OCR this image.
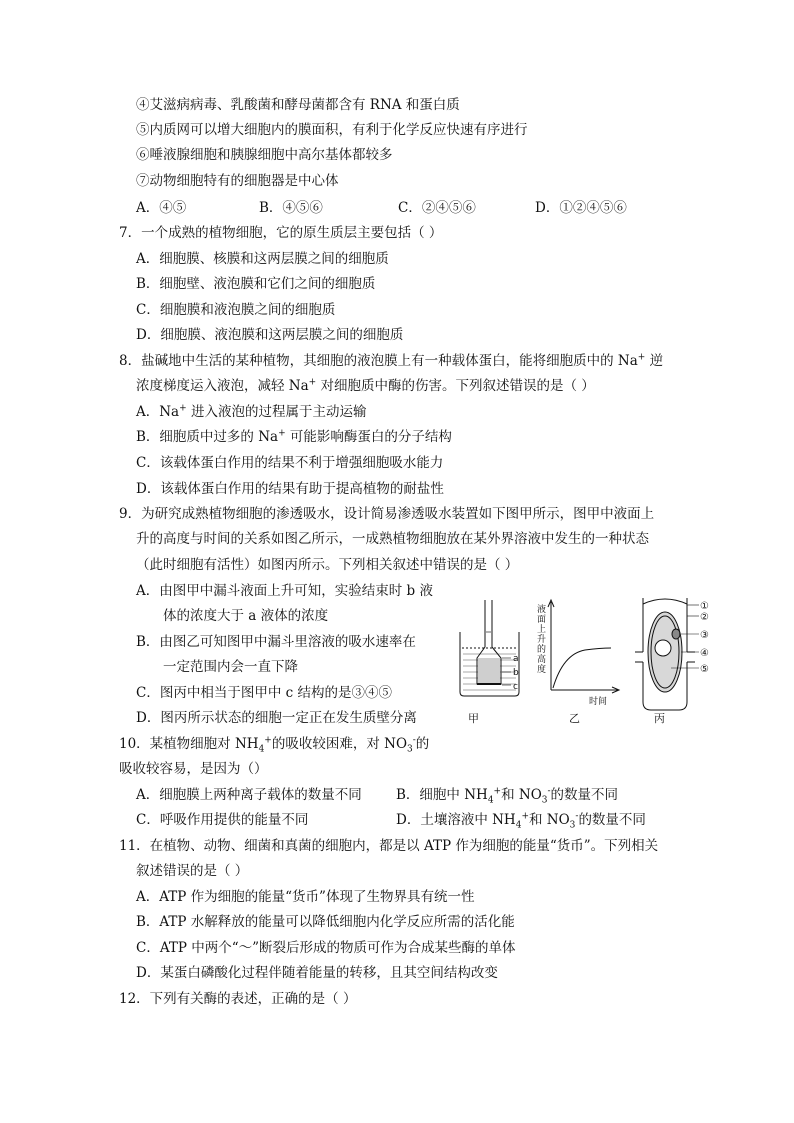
④艾滋病病毒、乳酸菌和酵母菌都含有 RNA 和蛋白质
⑤内质网可以增大细胞内的膜面积，有利于化学反应快速有序进行
⑥唾液腺细胞和胰腺细胞中高尔基体都较多
⑦动物细胞特有的细胞器是中心体
A．④⑤	B．④⑤⑥	C．②④⑤⑥	D．①②④⑤⑥
7．一个成熟的植物细胞，它的原生质层主要包括（ ）
A．细胞膜、核膜和这两层膜之间的细胞质
B．细胞壁、液泡膜和它们之间的细胞质
C．细胞膜和液泡膜之间的细胞质
D．细胞膜、液泡膜和这两层膜之间的细胞质
8．盐碱地中生活的某种植物，其细胞的液泡膜上有一种载体蛋白，能将细胞质中的 Na+ 逆
浓度梯度运入液泡，减轻 Na+ 对细胞质中酶的伤害。下列叙述错误的是（ ）
A．Na+ 进入液泡的过程属于主动运输
B．细胞质中过多的 Na+ 可能影响酶蛋白的分子结构
C．该载体蛋白作用的结果不利于增强细胞吸水能力
D．该载体蛋白作用的结果有助于提高植物的耐盐性
9．为研究成熟植物细胞的渗透吸水，设计简易渗透吸水装置如下图甲所示，图甲中液面上
升的高度与时间的关系如图乙所示，一成熟植物细胞放在某外界溶液中发生的一种状态
（此时细胞有活性）如图丙所示。下列相关叙述中错误的是（ ）
A．由图甲中漏斗液面上升可知，实验结束时 b 液
体的浓度大于 a 液体的浓度
B．由图乙可知图甲中漏斗里溶液的吸水速率在
一定范围内会一直下降
C．图丙中相当于图甲中 c 结构的是③④⑤
D．图丙所示状态的细胞一定正在发生质壁分离
a
b
c
甲
液
面
上
升
的
高
度
时间
乙
①
②
③
④
⑤
丙
10．某植物细胞对 $NH_4^+$的吸收较困难，对 $NO_3^-$的
吸收较容易，是因为（）
A．细胞膜上两种离子载体的数量不同	B．细胞中 $NH_4^+$和 $NO_3^-$的数量不同
C．呼吸作用提供的能量不同	D．土壤溶液中 $NH_4^+$和 $NO_3^-$的数量不同
11．在植物、动物、细菌和真菌的细胞内，都是以 ATP 作为细胞的能量“货币”。下列相关
叙述错误的是（ ）
A．ATP 作为细胞的能量“货币”体现了生物界具有统一性
B．ATP 水解释放的能量可以降低细胞内化学反应所需的活化能
C．ATP 中两个“～”断裂后形成的物质可作为合成某些酶的单体
D．某蛋白磷酸化过程伴随着能量的转移，且其空间结构改变
12．下列有关酶的表述，正确的是（ ）
